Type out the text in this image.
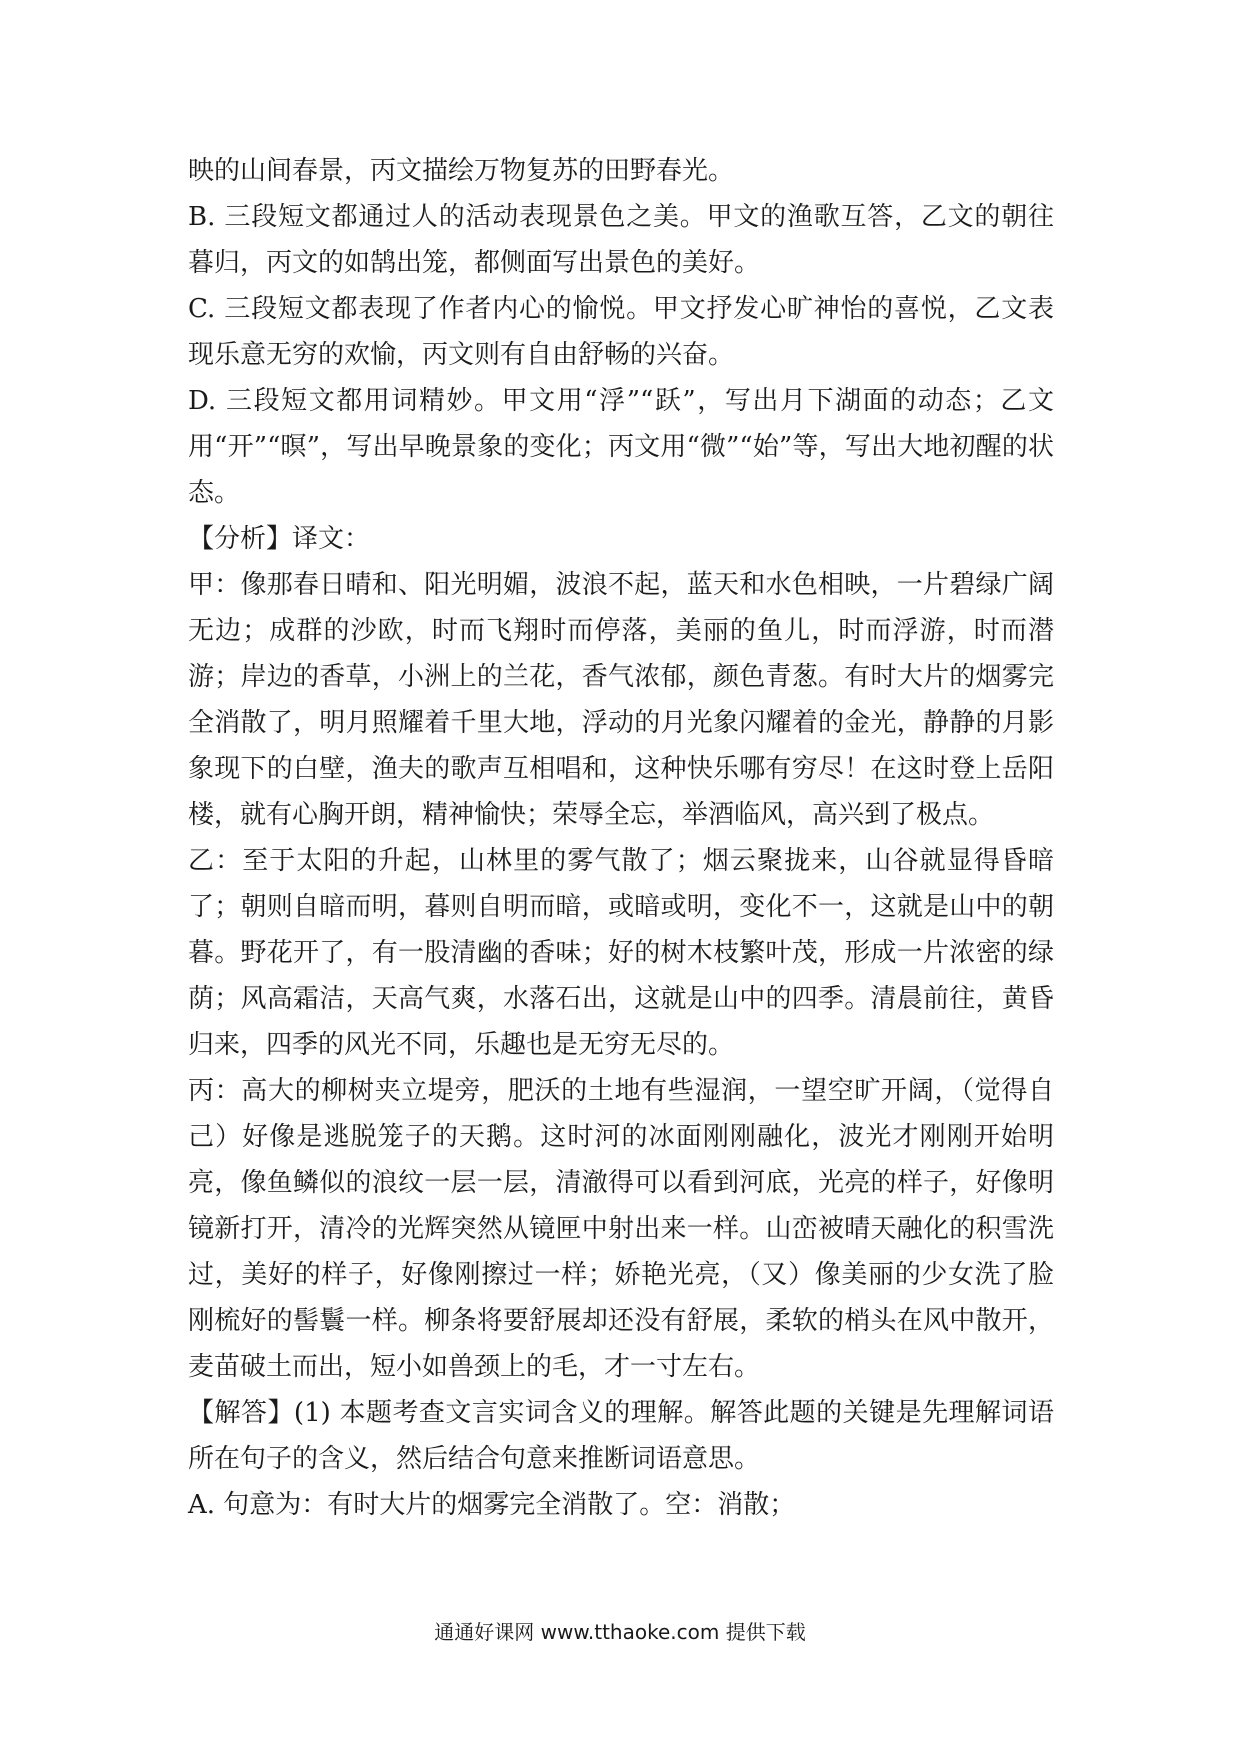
映的山间春景，丙文描绘万物复苏的田野春光。

B. 三段短文都通过人的活动表现景色之美。甲文的渔歌互答，乙文的朝往暮归，丙文的如鹄出笼，都侧面写出景色的美好。

C. 三段短文都表现了作者内心的愉悦。甲文抒发心旷神怡的喜悦，乙文表现乐意无穷的欢愉，丙文则有自由舒畅的兴奋。

D. 三段短文都用词精妙。甲文用“浮”“跃”，写出月下湖面的动态；乙文用“开”“暝”，写出早晚景象的变化；丙文用“微”“始”等，写出大地初醒的状态。

【分析】译文：

甲：像那春日晴和、阳光明媚，波浪不起，蓝天和水色相映，一片碧绿广阔无边；成群的沙欧，时而飞翔时而停落，美丽的鱼儿，时而浮游，时而潜游；岸边的香草，小洲上的兰花，香气浓郁，颜色青葱。有时大片的烟雾完全消散了，明月照耀着千里大地，浮动的月光象闪耀着的金光，静静的月影象现下的白壁，渔夫的歌声互相唱和，这种快乐哪有穷尽！在这时登上岳阳楼，就有心胸开朗，精神愉快；荣辱全忘，举酒临风，高兴到了极点。

乙：至于太阳的升起，山林里的雾气散了；烟云聚拢来，山谷就显得昏暗了；朝则自暗而明，暮则自明而暗，或暗或明，变化不一，这就是山中的朝暮。野花开了，有一股清幽的香味；好的树木枝繁叶茂，形成一片浓密的绿荫；风高霜洁，天高气爽，水落石出，这就是山中的四季。清晨前往，黄昏归来，四季的风光不同，乐趣也是无穷无尽的。

丙：高大的柳树夹立堤旁，肥沃的土地有些湿润，一望空旷开阔，（觉得自己）好像是逃脱笼子的天鹅。这时河的冰面刚刚融化，波光才刚刚开始明亮，像鱼鳞似的浪纹一层一层，清澈得可以看到河底，光亮的样子，好像明镜新打开，清冷的光辉突然从镜匣中射出来一样。山峦被晴天融化的积雪洗过，美好的样子，好像刚擦过一样；娇艳光亮，（又）像美丽的少女洗了脸刚梳好的髻鬟一样。柳条将要舒展却还没有舒展，柔软的梢头在风中散开，麦苗破土而出，短小如兽颈上的毛，才一寸左右。

【解答】(1) 本题考查文言实词含义的理解。解答此题的关键是先理解词语所在句子的含义，然后结合句意来推断词语意思。

A. 句意为：有时大片的烟雾完全消散了。空：消散；

通通好课网 www.tthaoke.com 提供下载
